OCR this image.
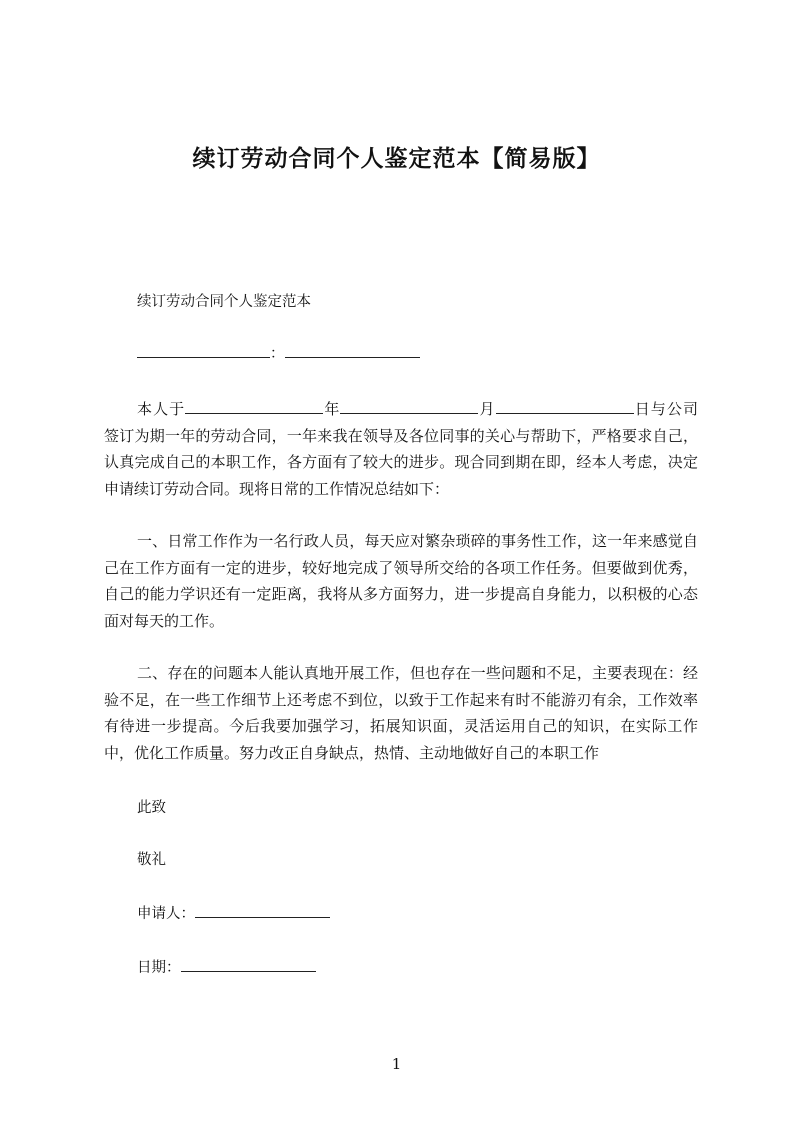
续订劳动合同个人鉴定范本【简易版】
续订劳动合同个人鉴定范本
：
本人于	年	月	日与公司签订为期一年的劳动合同，一年来我在领导及各位同事的关心与帮助下，严格要求自己，认真完成自己的本职工作，各方面有了较大的进步。现合同到期在即，经本人考虑，决定申请续订劳动合同。现将日常的工作情况总结如下：
一、日常工作作为一名行政人员，每天应对繁杂琐碎的事务性工作，这一年来感觉自己在工作方面有一定的进步，较好地完成了领导所交给的各项工作任务。但要做到优秀，自己的能力学识还有一定距离，我将从多方面努力，进一步提高自身能力，以积极的心态面对每天的工作。
二、存在的问题本人能认真地开展工作，但也存在一些问题和不足，主要表现在：经验不足，在一些工作细节上还考虑不到位，以致于工作起来有时不能游刃有余，工作效率有待进一步提高。今后我要加强学习，拓展知识面，灵活运用自己的知识，在实际工作中，优化工作质量。努力改正自身缺点，热情、主动地做好自己的本职工作
此致
敬礼
申请人：
日期：
1
